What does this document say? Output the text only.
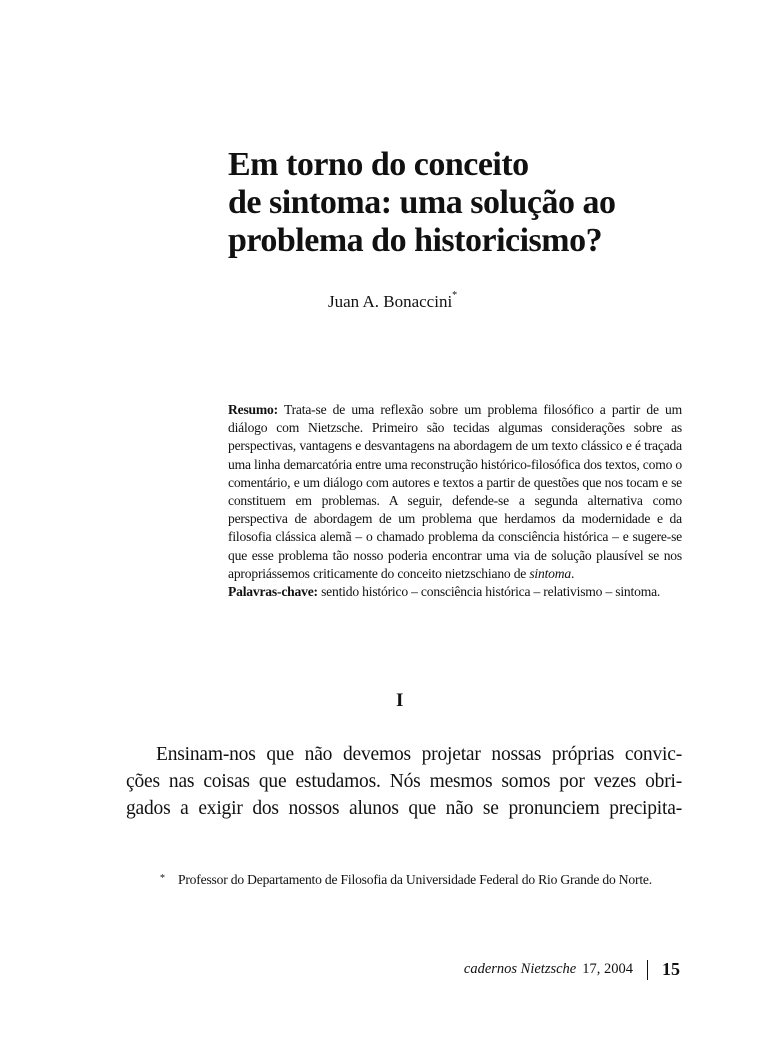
Em torno do conceito
de sintoma: uma solução ao
problema do historicismo?
Juan A. Bonaccini*

Resumo: Trata-se de uma reflexão sobre um problema filosófico a partir de um diálogo com Nietzsche. Primeiro são tecidas algumas considerações sobre as perspectivas, vantagens e desvantagens na abordagem de um texto clássico e é traçada uma linha demarcatória entre uma reconstrução histórico-filosófica dos textos, como o comentário, e um diálogo com autores e textos a partir de questões que nos tocam e se constituem em problemas. A seguir, defende-se a segunda alternativa como perspectiva de abordagem de um problema que herdamos da modernidade e da filosofia clássica alemã – o chamado problema da consciência histórica – e sugere-se que esse problema tão nosso poderia encontrar uma via de solução plausível se nos apropriássemos criticamente do conceito nietzschiano de sintoma.
Palavras-chave: sentido histórico – consciência histórica – relativismo – sintoma.

I

Ensinam-nos que não devemos projetar nossas próprias convic-
ções nas coisas que estudamos. Nós mesmos somos por vezes obri-
gados a exigir dos nossos alunos que não se pronunciem precipita-

* Professor do Departamento de Filosofia da Universidade Federal do Rio Grande do Norte.

cadernos Nietzsche 17, 2004 15
